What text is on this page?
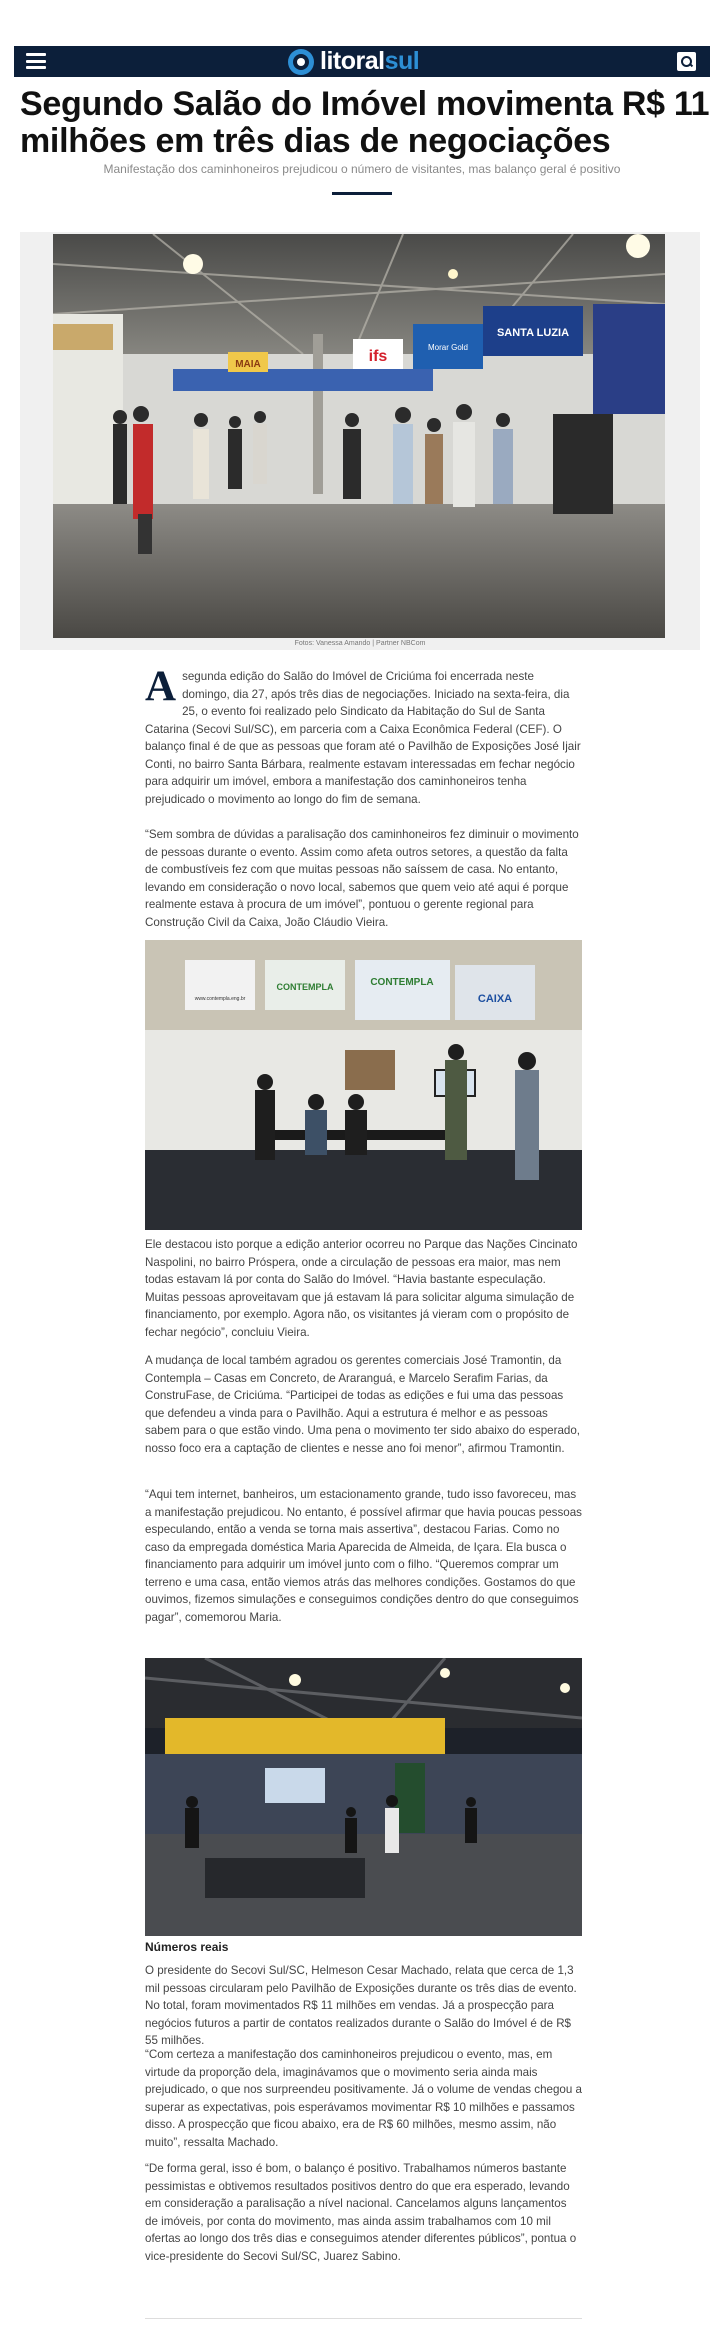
litoralsul
Segundo Salão do Imóvel movimenta R$ 11 milhões em três dias de negociações
Manifestação dos caminhoneiros prejudicou o número de visitantes, mas balanço geral é positivo
ifs
MAIA
Morar Gold
SANTA LUZIA
Fotos: Vanessa Amando | Partner NBCom

Asegunda edição do Salão do Imóvel de Criciúma foi encerrada neste domingo, dia 27, após três dias de negociações. Iniciado na sexta-feira, dia 25, o evento foi realizado pelo Sindicato da Habitação do Sul de Santa Catarina (Secovi Sul/SC), em parceria com a Caixa Econômica Federal (CEF). O balanço final é de que as pessoas que foram até o Pavilhão de Exposições José Ijair Conti, no bairro Santa Bárbara, realmente estavam interessadas em fechar negócio para adquirir um imóvel, embora a manifestação dos caminhoneiros tenha prejudicado o movimento ao longo do fim de semana.

“Sem sombra de dúvidas a paralisação dos caminhoneiros fez diminuir o movimento de pessoas durante o evento. Assim como afeta outros setores, a questão da falta de combustíveis fez com que muitas pessoas não saíssem de casa. No entanto, levando em consideração o novo local, sabemos que quem veio até aqui é porque realmente estava à procura de um imóvel”, pontuou o gerente regional para Construção Civil da Caixa, João Cláudio Vieira.

CONTEMPLA
CAIXA
CONTEMPLA
www.contempla.eng.br

Ele destacou isto porque a edição anterior ocorreu no Parque das Nações Cincinato Naspolini, no bairro Próspera, onde a circulação de pessoas era maior, mas nem todas estavam lá por conta do Salão do Imóvel. “Havia bastante especulação. Muitas pessoas aproveitavam que já estavam lá para solicitar alguma simulação de financiamento, por exemplo. Agora não, os visitantes já vieram com o propósito de fechar negócio”, concluiu Vieira.

A mudança de local também agradou os gerentes comerciais José Tramontin, da Contempla – Casas em Concreto, de Araranguá, e Marcelo Serafim Farias, da ConstruFase, de Criciúma. “Participei de todas as edições e fui uma das pessoas que defendeu a vinda para o Pavilhão. Aqui a estrutura é melhor e as pessoas sabem para o que estão vindo. Uma pena o movimento ter sido abaixo do esperado, nosso foco era a captação de clientes e nesse ano foi menor”, afirmou Tramontin.

“Aqui tem internet, banheiros, um estacionamento grande, tudo isso favoreceu, mas a manifestação prejudicou. No entanto, é possível afirmar que havia poucas pessoas especulando, então a venda se torna mais assertiva”, destacou Farias. Como no caso da empregada doméstica Maria Aparecida de Almeida, de Içara. Ela busca o financiamento para adquirir um imóvel junto com o filho. “Queremos comprar um terreno e uma casa, então viemos atrás das melhores condições. Gostamos do que ouvimos, fizemos simulações e conseguimos condições dentro do que conseguimos pagar”, comemorou Maria.

Números reais

O presidente do Secovi Sul/SC, Helmeson Cesar Machado, relata que cerca de 1,3 mil pessoas circularam pelo Pavilhão de Exposições durante os três dias de evento. No total, foram movimentados R$ 11 milhões em vendas. Já a prospecção para negócios futuros a partir de contatos realizados durante o Salão do Imóvel é de R$ 55 milhões.

“Com certeza a manifestação dos caminhoneiros prejudicou o evento, mas, em virtude da proporção dela, imaginávamos que o movimento seria ainda mais prejudicado, o que nos surpreendeu positivamente. Já o volume de vendas chegou a superar as expectativas, pois esperávamos movimentar R$ 10 milhões e passamos disso. A prospecção que ficou abaixo, era de R$ 60 milhões, mesmo assim, não muito”, ressalta Machado.

“De forma geral, isso é bom, o balanço é positivo. Trabalhamos números bastante pessimistas e obtivemos resultados positivos dentro do que era esperado, levando em consideração a paralisação a nível nacional. Cancelamos alguns lançamentos de imóveis, por conta do movimento, mas ainda assim trabalhamos com 10 mil ofertas ao longo dos três dias e conseguimos atender diferentes públicos”, pontua o vice-presidente do Secovi Sul/SC, Juarez Sabino.
